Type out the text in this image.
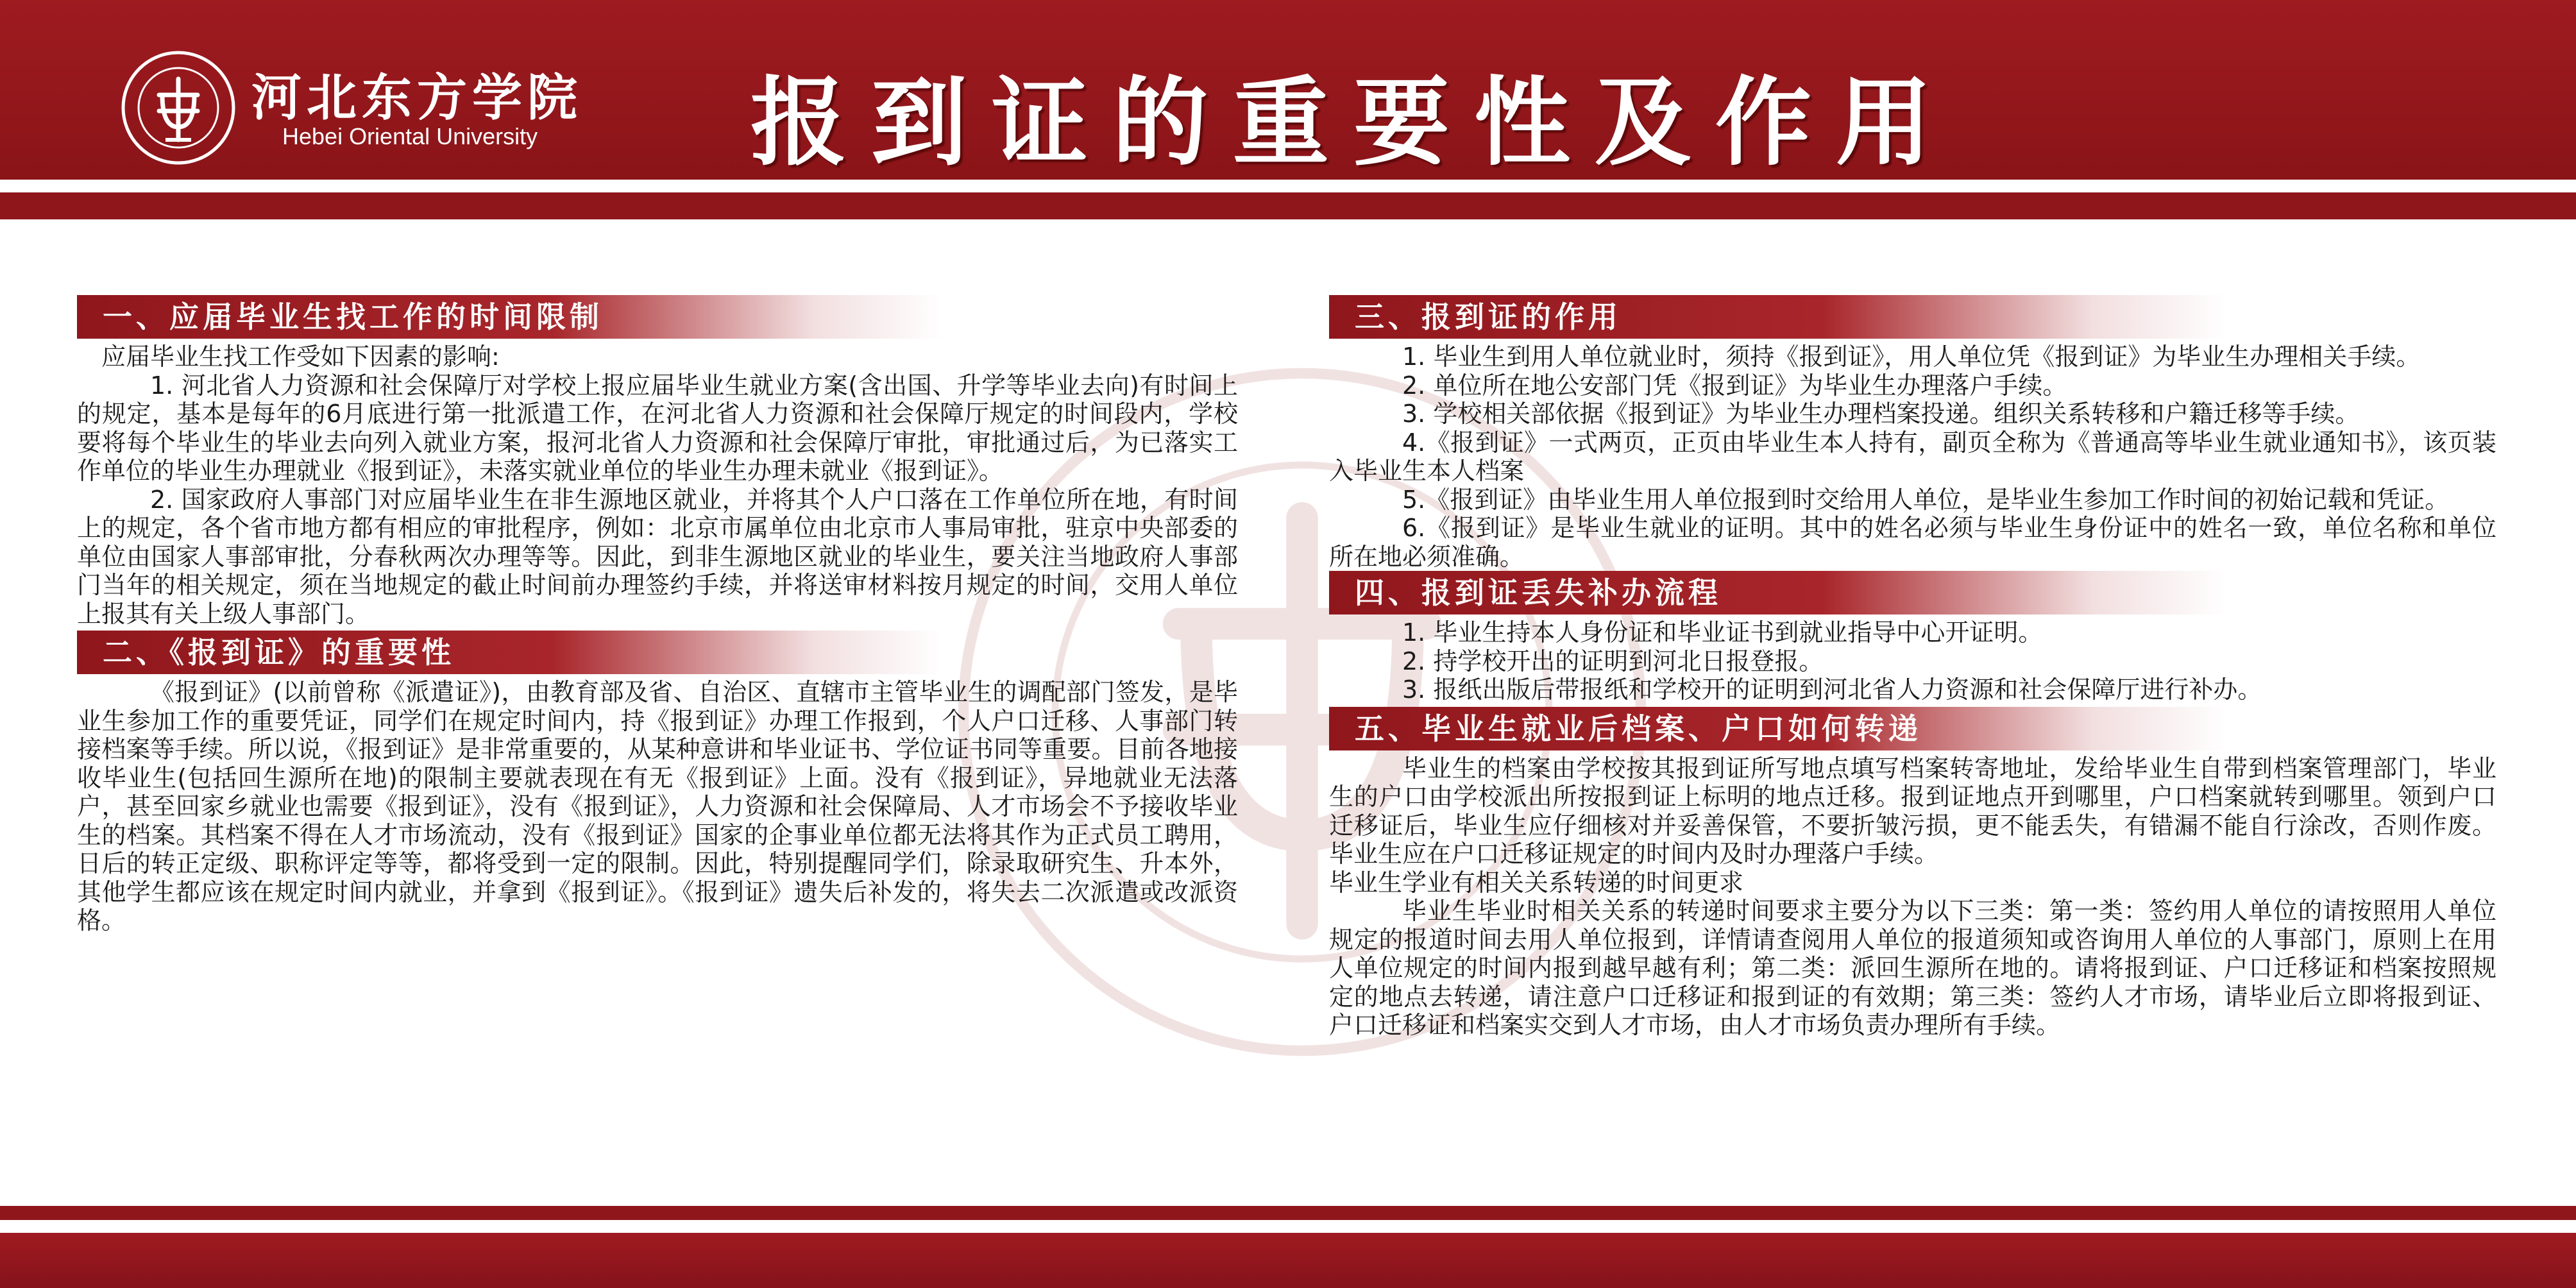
河北东方学院
Hebei Oriental University 报到证的重要性及作用
一、应届毕业生找工作的时间限制

应届毕业生找工作受如下因素的影响:

1. 河北省人力资源和社会保障厅对学校上报应届毕业生就业方案(含出国、升学等毕业去向)有时间上的规定，基本是每年的6月底进行第一批派遣工作，在河北省人力资源和社会保障厅规定的时间段内，学校要将每个毕业生的毕业去向列入就业方案，报河北省人力资源和社会保障厅审批，审批通过后，为已落实工作单位的毕业生办理就业《报到证》，未落实就业单位的毕业生办理未就业《报到证》。

2. 国家政府人事部门对应届毕业生在非生源地区就业，并将其个人户口落在工作单位所在地，有时间上的规定，各个省市地方都有相应的审批程序，例如：北京市属单位由北京市人事局审批，驻京中央部委的单位由国家人事部审批，分春秋两次办理等等。因此，到非生源地区就业的毕业生，要关注当地政府人事部门当年的相关规定，须在当地规定的截止时间前办理签约手续，并将送审材料按月规定的时间，交用人单位上报其有关上级人事部门。

二、《报到证》的重要性

《报到证》(以前曾称《派遣证》)，由教育部及省、自治区、直辖市主管毕业生的调配部门签发，是毕业生参加工作的重要凭证，同学们在规定时间内，持《报到证》办理工作报到，个人户口迁移、人事部门转接档案等手续。所以说，《报到证》是非常重要的，从某种意讲和毕业证书、学位证书同等重要。目前各地接收毕业生(包括回生源所在地)的限制主要就表现在有无《报到证》上面。没有《报到证》，异地就业无法落户，甚至回家乡就业也需要《报到证》，没有《报到证》，人力资源和社会保障局、人才市场会不予接收毕业生的档案。其档案不得在人才市场流动，没有《报到证》国家的企事业单位都无法将其作为正式员工聘用，日后的转正定级、职称评定等等，都将受到一定的限制。因此，特别提醒同学们，除录取研究生、升本外，其他学生都应该在规定时间内就业，并拿到《报到证》。《报到证》遗失后补发的，将失去二次派遣或改派资格。

三、报到证的作用

1. 毕业生到用人单位就业时，须持《报到证》，用人单位凭《报到证》为毕业生办理相关手续。

2. 单位所在地公安部门凭《报到证》为毕业生办理落户手续。

3. 学校相关部依据《报到证》为毕业生办理档案投递。组织关系转移和户籍迁移等手续。

4.《报到证》一式两页，正页由毕业生本人持有，副页全称为《普通高等毕业生就业通知书》，该页装入毕业生本人档案

5.《报到证》由毕业生用人单位报到时交给用人单位，是毕业生参加工作时间的初始记载和凭证。

6.《报到证》是毕业生就业的证明。其中的姓名必须与毕业生身份证中的姓名一致，单位名称和单位所在地必须准确。

四、报到证丢失补办流程

1. 毕业生持本人身份证和毕业证书到就业指导中心开证明。

2. 持学校开出的证明到河北日报登报。

3. 报纸出版后带报纸和学校开的证明到河北省人力资源和社会保障厅进行补办。

五、毕业生就业后档案、户口如何转递

毕业生的档案由学校按其报到证所写地点填写档案转寄地址，发给毕业生自带到档案管理部门，毕业生的户口由学校派出所按报到证上标明的地点迁移。报到证地点开到哪里，户口档案就转到哪里。领到户口迁移证后，毕业生应仔细核对并妥善保管，不要折皱污损，更不能丢失，有错漏不能自行涂改，否则作废。毕业生应在户口迁移证规定的时间内及时办理落户手续。

毕业生学业有相关关系转递的时间更求

毕业生毕业时相关关系的转递时间要求主要分为以下三类：第一类：签约用人单位的请按照用人单位规定的报道时间去用人单位报到，详情请查阅用人单位的报道须知或咨询用人单位的人事部门，原则上在用人单位规定的时间内报到越早越有利；第二类：派回生源所在地的。请将报到证、户口迁移证和档案按照规定的地点去转递，请注意户口迁移证和报到证的有效期；第三类：签约人才市场，请毕业后立即将报到证、户口迁移证和档案实交到人才市场，由人才市场负责办理所有手续。
